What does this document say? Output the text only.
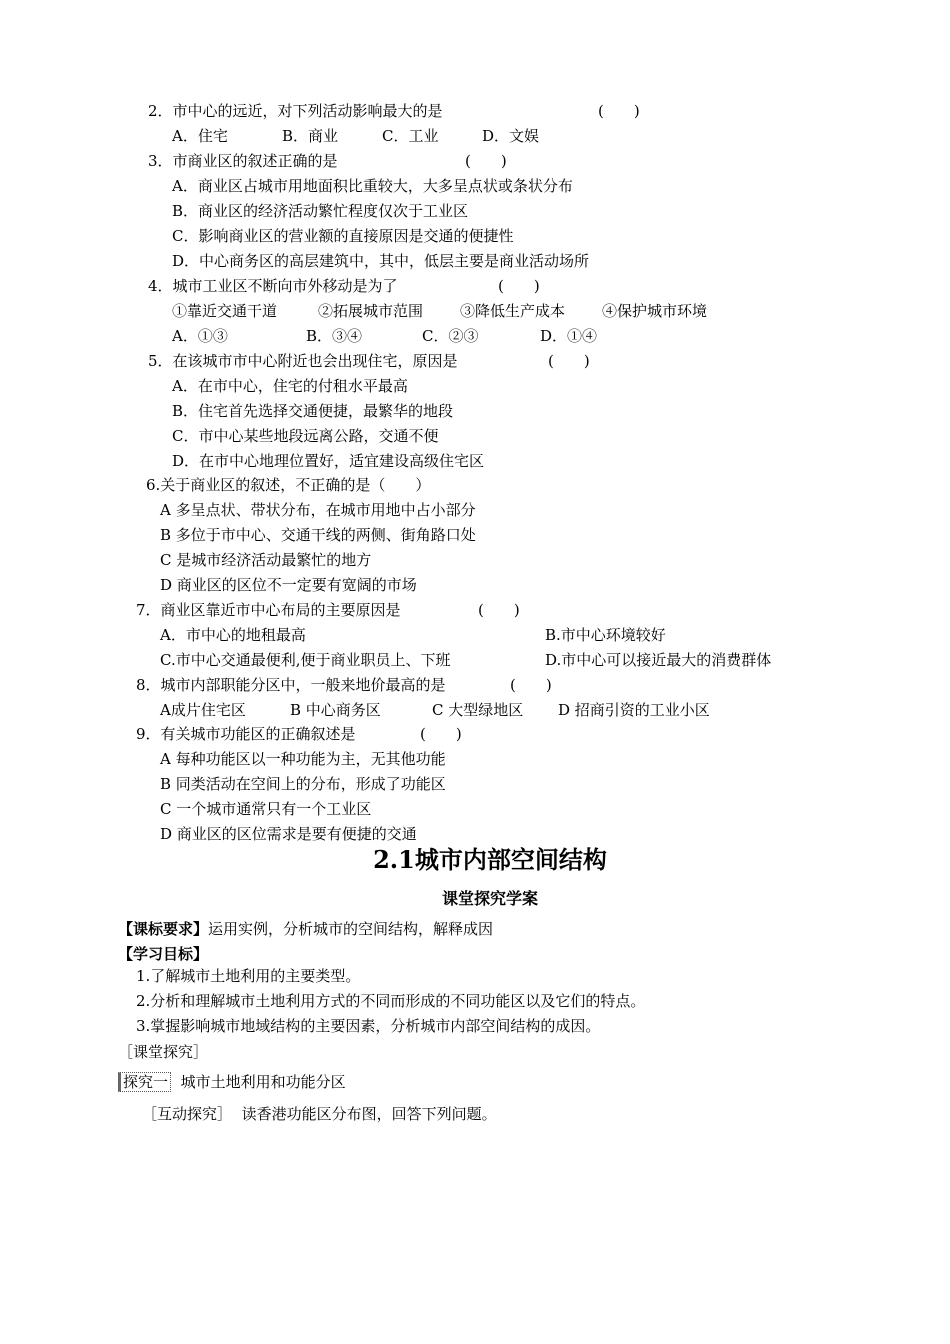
2．市中心的远近，对下列活动影响最大的是	(　　)
A．住宅	B．商业	C．工业	D．文娱
3．市商业区的叙述正确的是	(　　)
A．商业区占城市用地面积比重较大，大多呈点状或条状分布
B．商业区的经济活动繁忙程度仅次于工业区
C．影响商业区的营业额的直接原因是交通的便捷性
D．中心商务区的高层建筑中，其中，低层主要是商业活动场所
4．城市工业区不断向市外移动是为了	(　　)
①靠近交通干道	②拓展城市范围 ③降低生产成本 ④保护城市环境
A．①③	B．③④	C．②③	D．①④
5．在该城市市中心附近也会出现住宅，原因是	(　　)
A．在市中心，住宅的付租水平最高
B．住宅首先选择交通便捷，最繁华的地段
C．市中心某些地段远离公路，交通不便
D．在市中心地理位置好，适宜建设高级住宅区
6.关于商业区的叙述，不正确的是（　　）
A 多呈点状、带状分布，在城市用地中占小部分
B 多位于市中心、交通干线的两侧、街角路口处
C 是城市经济活动最繁忙的地方
D 商业区的区位不一定要有宽阔的市场
7．商业区靠近市中心布局的主要原因是	(　　)
A．市中心的地租最高	B.市中心环境较好
C.市中心交通最便利,便于商业职员上、下班	D.市中心可以接近最大的消费群体
8．城市内部职能分区中，一般来地价最高的是	(　　)
A成片住宅区	B 中心商务区	C 大型绿地区 D 招商引资的工业小区
9．有关城市功能区的正确叙述是	(　　)
A 每种功能区以一种功能为主，无其他功能
B 同类活动在空间上的分布，形成了功能区
C 一个城市通常只有一个工业区
D 商业区的区位需求是要有便捷的交通
2.1城市内部空间结构
课堂探究学案
【课标要求】运用实例，分析城市的空间结构，解释成因
【学习目标】
1.了解城市土地利用的主要类型。
2.分析和理解城市土地利用方式的不同而形成的不同功能区以及它们的特点。
3.掌握影响城市地域结构的主要因素，分析城市内部空间结构的成因。
［课堂探究］
探究一 城市土地利用和功能分区
［互动探究］ 读香港功能区分布图，回答下列问题。
